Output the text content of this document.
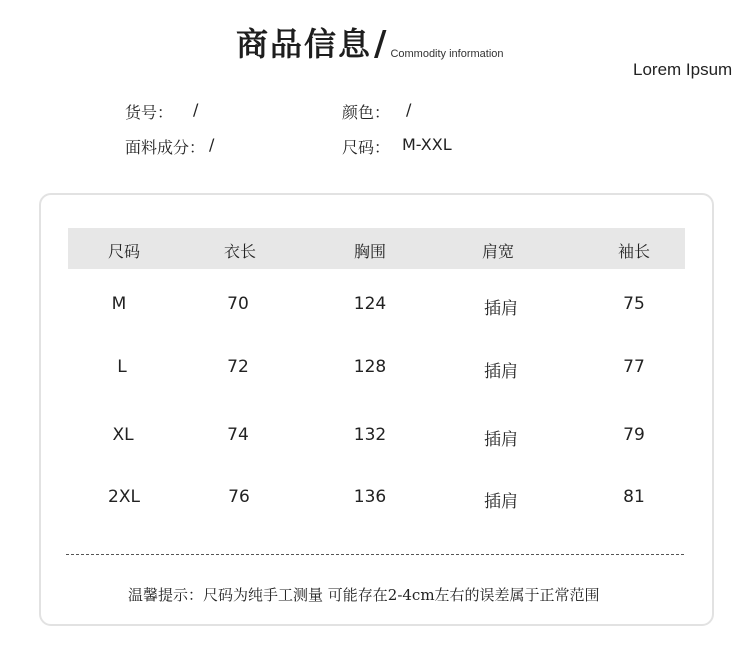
商品信息 / Commodity information
Lorem Ipsum
货号：	/	颜色： /
面料成分： /	尺码： M-XXL
尺码	衣长	胸围	肩宽	袖长
M	70	124	插肩	75
L	72	128	插肩	77
XL	74	132	插肩	79
2XL	76	136	插肩	81
温馨提示：尺码为纯手工测量 可能存在2-4cm左右的误差属于正常范围
